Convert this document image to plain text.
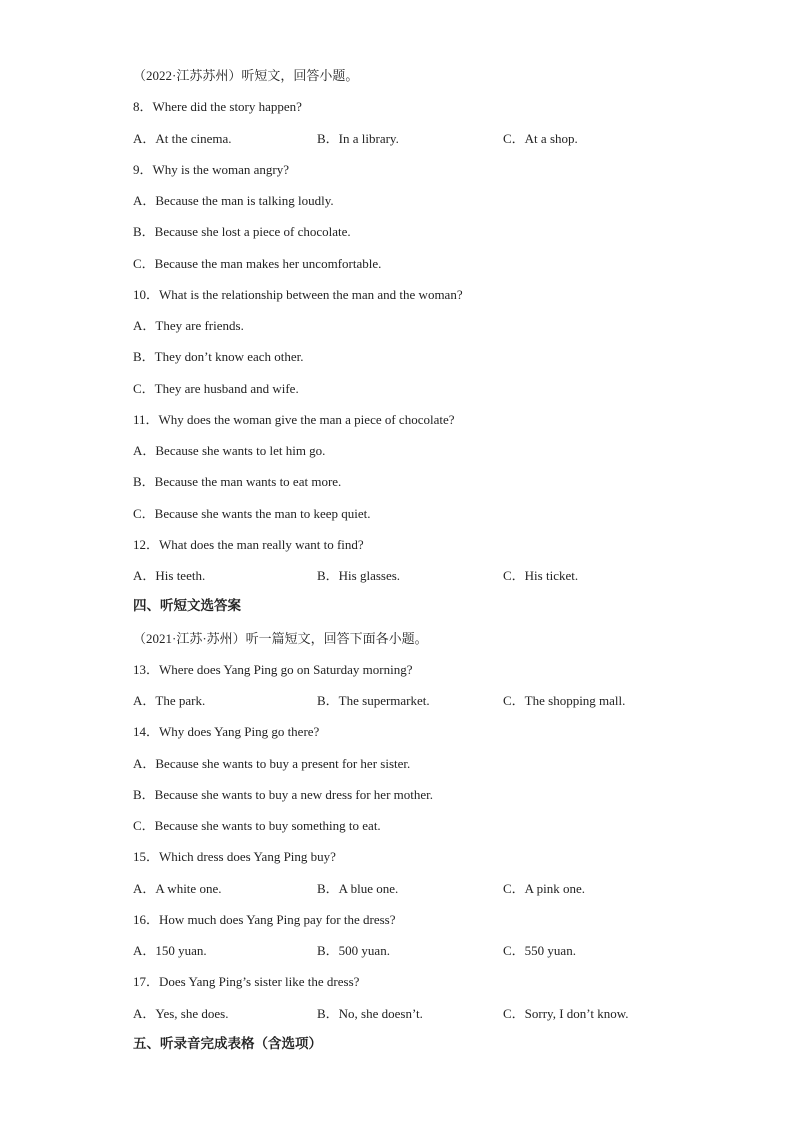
（2022·江苏苏州）听短文，回答小题。
8．Where did the story happen?
A．At the cinema.	B．In a library.	C．At a shop.
9．Why is the woman angry?
A．Because the man is talking loudly.
B．Because she lost a piece of chocolate.
C．Because the man makes her uncomfortable.
10．What is the relationship between the man and the woman?
A．They are friends.
B．They don’t know each other.
C．They are husband and wife.
11．Why does the woman give the man a piece of chocolate?
A．Because she wants to let him go.
B．Because the man wants to eat more.
C．Because she wants the man to keep quiet.
12．What does the man really want to find?
A．His teeth.	B．His glasses.	C．His ticket.
四、听短文选答案
（2021·江苏·苏州）听一篇短文，回答下面各小题。
13．Where does Yang Ping go on Saturday morning?
A．The park.	B．The supermarket.	C．The shopping mall.
14．Why does Yang Ping go there?
A．Because she wants to buy a present for her sister.
B．Because she wants to buy a new dress for her mother.
C．Because she wants to buy something to eat.
15．Which dress does Yang Ping buy?
A．A white one.	B．A blue one.	C．A pink one.
16．How much does Yang Ping pay for the dress?
A．150 yuan.	B．500 yuan.	C．550 yuan.
17．Does Yang Ping’s sister like the dress?
A．Yes, she does.	B．No, she doesn’t.	C．Sorry, I don’t know.
五、听录音完成表格（含选项）
